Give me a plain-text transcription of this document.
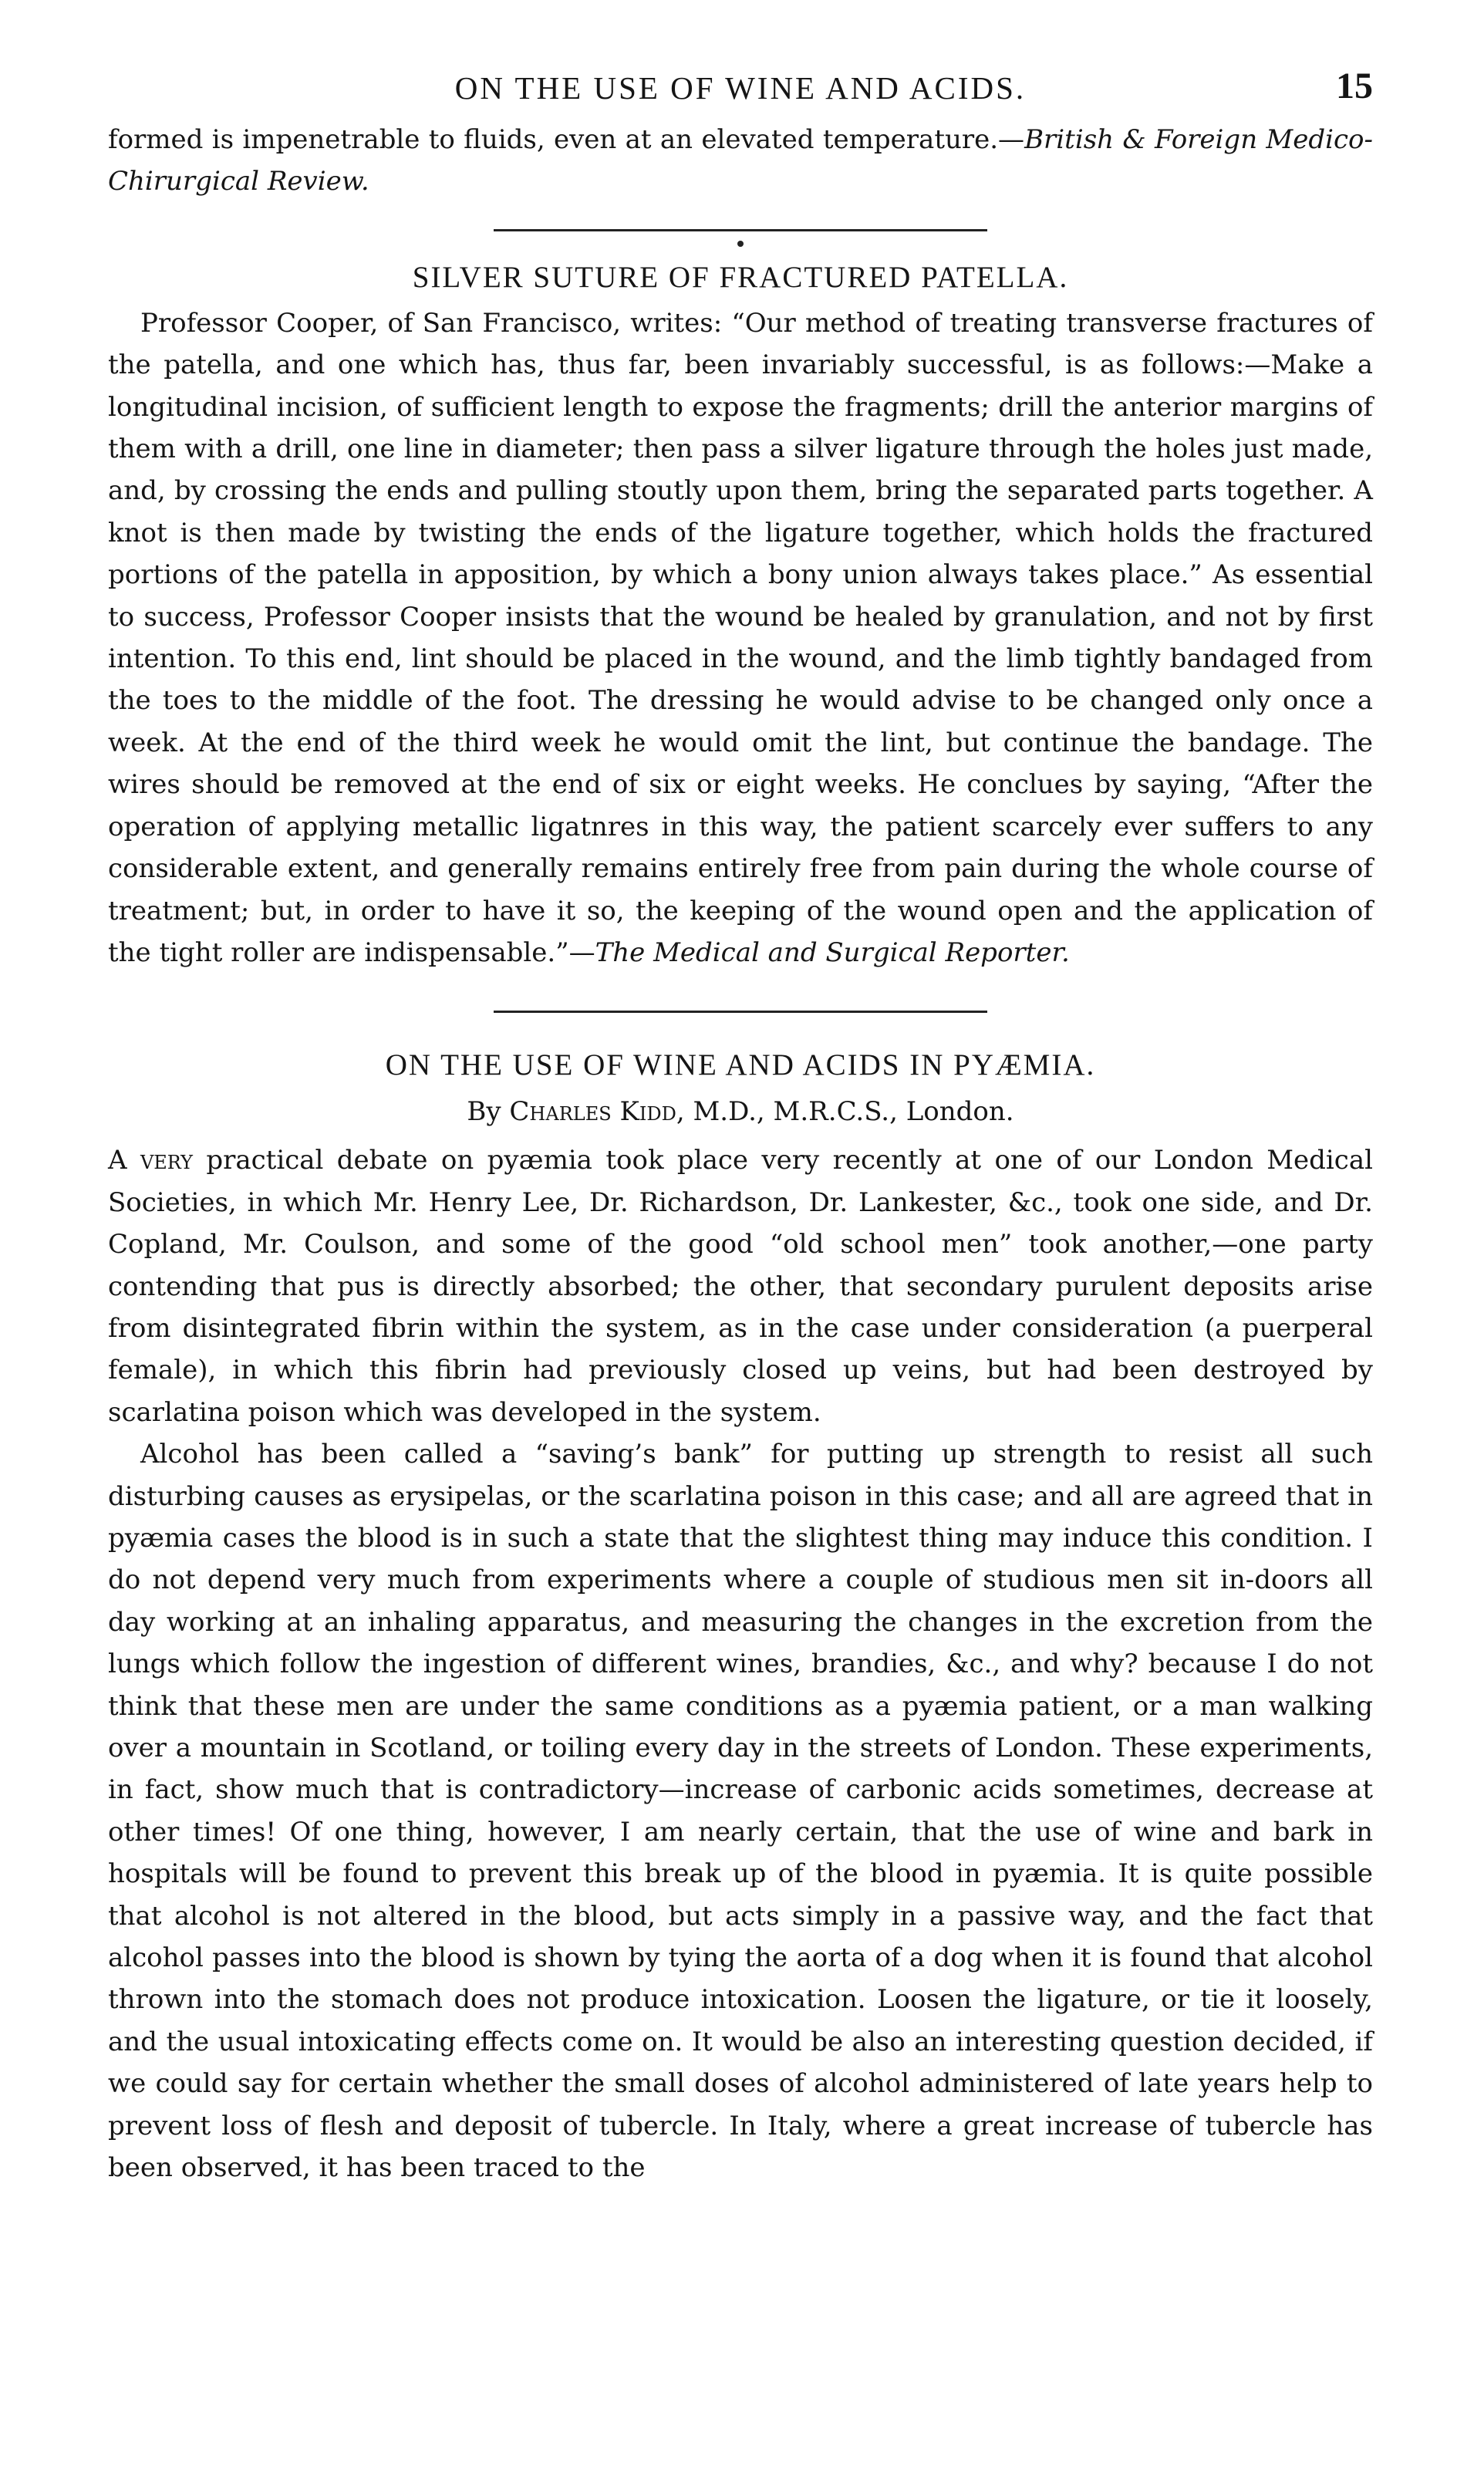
ON THE USE OF WINE AND ACIDS.	15

formed is impenetrable to fluids, even at an elevated temperature.—British & Foreign Medico-Chirurgical Review.

SILVER SUTURE OF FRACTURED PATELLA.

Professor Cooper, of San Francisco, writes: “Our method of treating transverse fractures of the patella, and one which has, thus far, been invariably successful, is as follows:—Make a longitudinal incision, of sufficient length to expose the fragments; drill the anterior margins of them with a drill, one line in diameter; then pass a silver ligature through the holes just made, and, by crossing the ends and pulling stoutly upon them, bring the separated parts together. A knot is then made by twisting the ends of the ligature together, which holds the fractured portions of the patella in apposition, by which a bony union always takes place.” As essential to success, Professor Cooper insists that the wound be healed by granulation, and not by first intention. To this end, lint should be placed in the wound, and the limb tightly bandaged from the toes to the middle of the foot. The dressing he would advise to be changed only once a week. At the end of the third week he would omit the lint, but continue the bandage. The wires should be removed at the end of six or eight weeks. He conclues by saying, “After the operation of applying metallic ligatnres in this way, the patient scarcely ever suffers to any considerable extent, and generally remains entirely free from pain during the whole course of treatment; but, in order to have it so, the keeping of the wound open and the application of the tight roller are indispensable.”—The Medical and Surgical Reporter.

ON THE USE OF WINE AND ACIDS IN PYÆMIA.
By Charles Kidd, M.D., M.R.C.S., London.

A very practical debate on pyæmia took place very recently at one of our London Medical Societies, in which Mr. Henry Lee, Dr. Richardson, Dr. Lankester, &c., took one side, and Dr. Copland, Mr. Coulson, and some of the good “old school men” took another,—one party contending that pus is directly absorbed; the other, that secondary purulent deposits arise from disintegrated fibrin within the system, as in the case under consideration (a puerperal female), in which this fibrin had previously closed up veins, but had been destroyed by scarlatina poison which was developed in the system.

Alcohol has been called a “saving’s bank” for putting up strength to resist all such disturbing causes as erysipelas, or the scarlatina poison in this case; and all are agreed that in pyæmia cases the blood is in such a state that the slightest thing may induce this condition. I do not depend very much from experiments where a couple of studious men sit in-doors all day working at an inhaling apparatus, and measuring the changes in the excretion from the lungs which follow the ingestion of different wines, brandies, &c., and why? because I do not think that these men are under the same conditions as a pyæmia patient, or a man walking over a mountain in Scotland, or toiling every day in the streets of London. These experiments, in fact, show much that is contradictory—increase of carbonic acids sometimes, decrease at other times! Of one thing, however, I am nearly certain, that the use of wine and bark in hospitals will be found to prevent this break up of the blood in pyæmia. It is quite possible that alcohol is not altered in the blood, but acts simply in a passive way, and the fact that alcohol passes into the blood is shown by tying the aorta of a dog when it is found that alcohol thrown into the stomach does not produce intoxication. Loosen the ligature, or tie it loosely, and the usual intoxicating effects come on. It would be also an interesting question decided, if we could say for certain whether the small doses of alcohol administered of late years help to prevent loss of flesh and deposit of tubercle. In Italy, where a great increase of tubercle has been observed, it has been traced to the
